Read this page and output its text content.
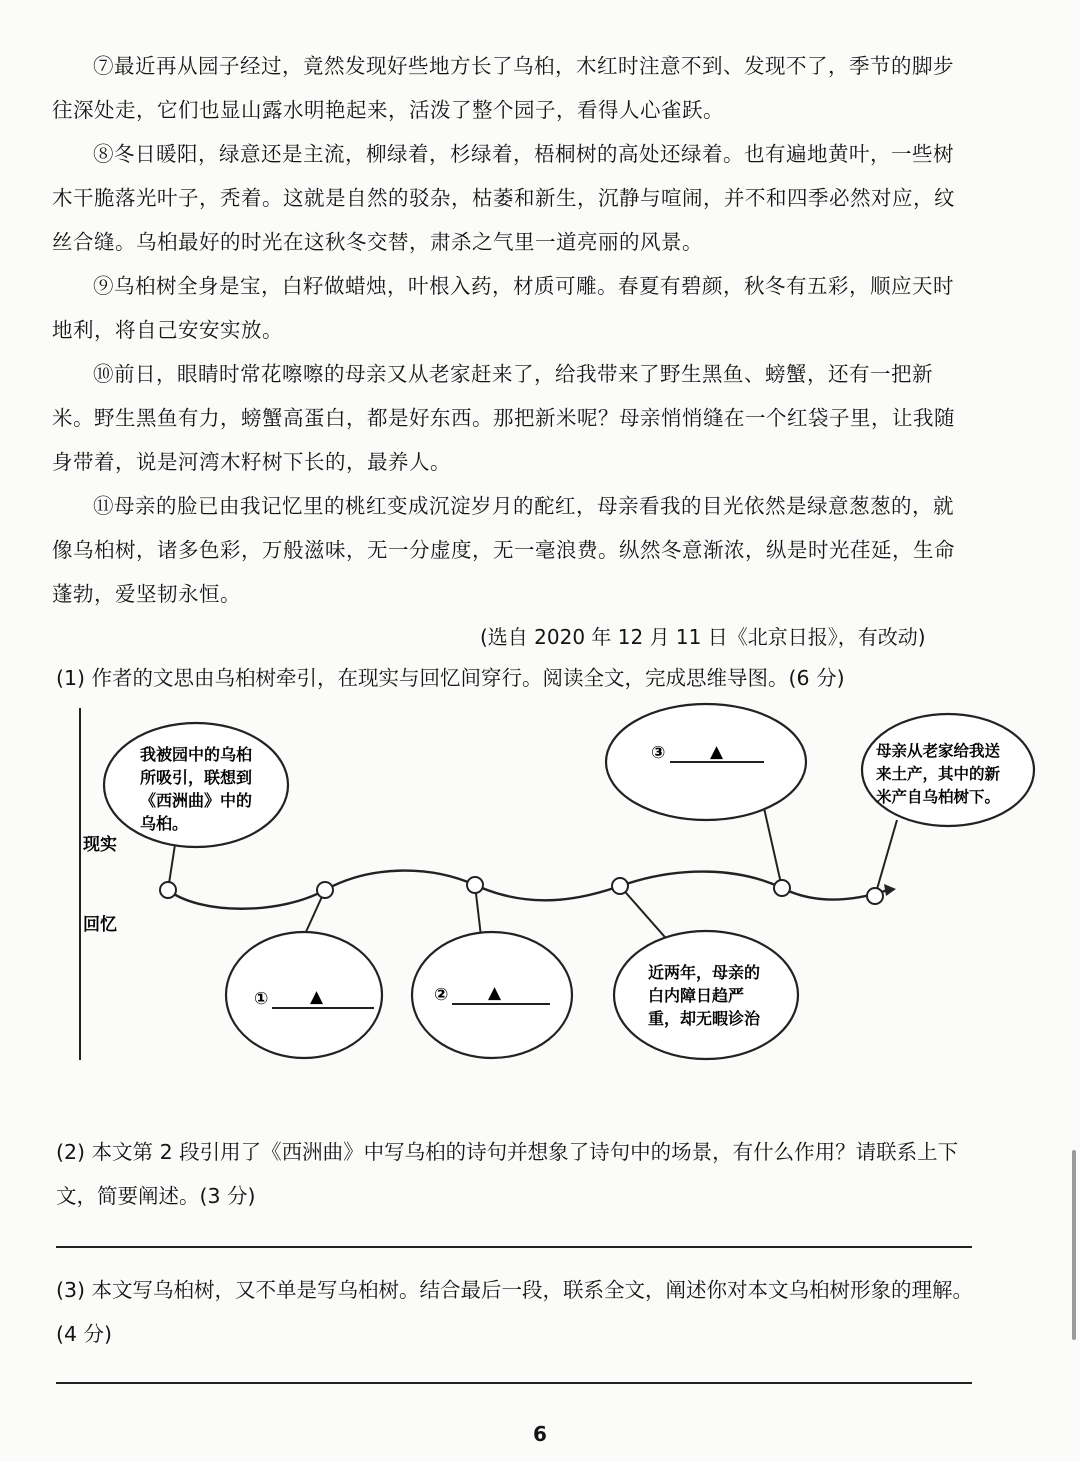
⑦最近再从园子经过，竟然发现好些地方长了乌桕，木红时注意不到、发现不了，季节的脚步往深处走，它们也显山露水明艳起来，活泼了整个园子，看得人心雀跃。

⑧冬日暖阳，绿意还是主流，柳绿着，杉绿着，梧桐树的高处还绿着。也有遍地黄叶，一些树木干脆落光叶子，秃着。这就是自然的驳杂，枯萎和新生，沉静与喧闹，并不和四季必然对应，纹丝合缝。乌桕最好的时光在这秋冬交替，肃杀之气里一道亮丽的风景。

⑨乌桕树全身是宝，白籽做蜡烛，叶根入药，材质可雕。春夏有碧颜，秋冬有五彩，顺应天时地利，将自己安安实放。

⑩前日，眼睛时常花嚓嚓的母亲又从老家赶来了，给我带来了野生黑鱼、螃蟹，还有一把新米。野生黑鱼有力，螃蟹高蛋白，都是好东西。那把新米呢？母亲悄悄缝在一个红袋子里，让我随身带着，说是河湾木籽树下长的，最养人。

⑪母亲的脸已由我记忆里的桃红变成沉淀岁月的酡红，母亲看我的目光依然是绿意葱葱的，就像乌桕树，诸多色彩，万般滋味，无一分虚度，无一毫浪费。纵然冬意渐浓，纵是时光荏延，生命蓬勃，爱坚韧永恒。

(选自 2020 年 12 月 11 日《北京日报》，有改动)

(1) 作者的文思由乌桕树牵引，在现实与回忆间穿行。阅读全文，完成思维导图。(6 分)

现实
回忆
我被园中的乌桕 所吸引，联想到 《西洲曲》中的 乌桕。
③	▲	母亲从老家给我送 来土产，其中的新 米产自乌柏树下。
① ▲	② ▲
近两年，母亲的 白内障日趋严 重，却无暇诊治

(2) 本文第 2 段引用了《西洲曲》中写乌桕的诗句并想象了诗句中的场景，有什么作用？请联系上下文，简要阐述。(3 分)

(3) 本文写乌桕树，又不单是写乌桕树。结合最后一段，联系全文，阐述你对本文乌桕树形象的理解。(4 分)

6
